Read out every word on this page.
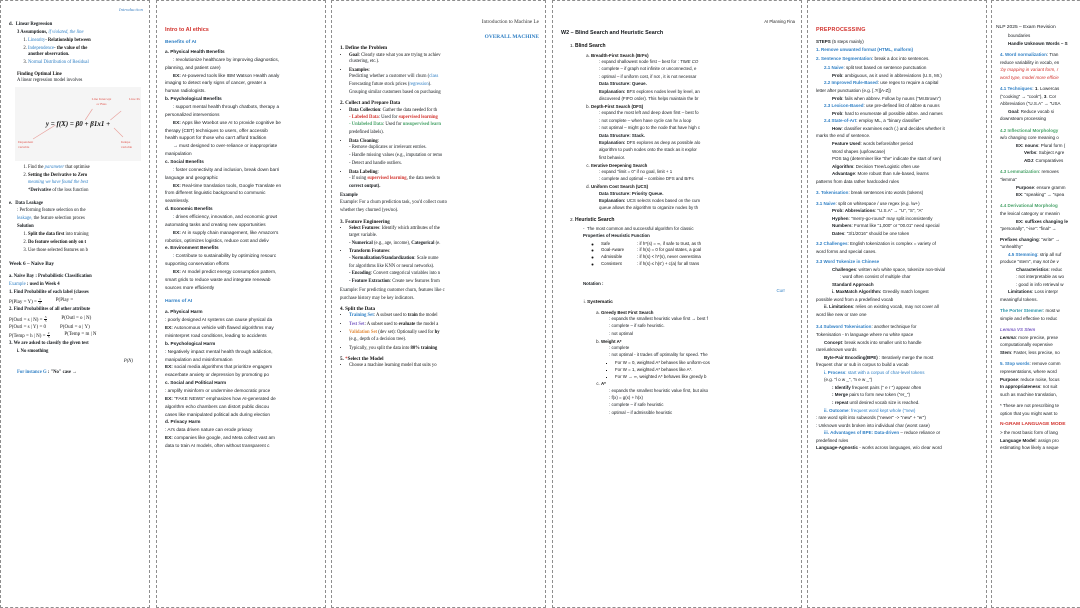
Introduction
d. Linear Regression
3 Assumptions, if violated, the line
1. Linearity- Relationship between
2. Independence- the value of the
another observation.
3. Normal Distribution of Residual
Finding Optimal Line
A linear regression model involves
y = f(X) = β0 + β1x1 +
Line Intercept
or Bias
Line Pa
Dependent
variable
Indepe
variable
1. Find the parameter that optimise
2. Setting the Derivative to Zero
meaning we have found the best
*Derivative of the loss function
e. Data Leakage
: Performing feature selection on the
leakage, the feature selection proces
Solution
1. Split the data first into training
2. Do feature selection only on t
3. Use those selected features on b
Week 6 – Naive Bay
a. Naive Bay : Probabilistic Classification
Example : used in Week 4
1. Find Probabilite of each label (classes
P(Play = $Y) = \frac{1}{2}$	P(Play =
2. Find Probabilites of all other attribute
P(Outl = s | $N) = \frac{3}{5}$	P(Outl = o | N)
P(Outl = s | Y) = 0	P(Outl = o | Y)
P(Temp = h | $N) = \frac{2}{5}$	P(Temp = m | N
3. We are asked to classify the given test
i. No smoothing
P(N)
For instance G : "No" case →
Intro to AI ethics
Benefits of AI
a. Physical Health Benefits
: revolutionize healthcare by improving diagnostics,
planning, and patient care)
EX: AI-powered tools like IBM Watson Health analy
imaging to detect early signs of cancer, greater a
human radiologists.
b. Psychological Benefits
: support mental health through chatbots, therapy a
personalized interventions
EX: Apps like Woebot use AI to provide cognitive be
therapy (CBT) techniques to users, offer accessib
health support for those who can't afford tradition
→ must designed to over-reliance or inappropriate
manipulation
c. Social Benefits
: foster connectivity and inclusion, break down barri
language and geographic
EX: Real-time translation tools, Google Translate en
from different linguistic background to communic
seamlessly.
d. Economic Benefits
: drives efficiency, innovation, and economic growt
automating tasks and creating new opportunities
EX: AI in supply chain management, like Amazon's
robotics, optimizes logistics, reduce cost and deliv
e. Environment Benefits
: Contribute to sustainability by optimizing resourc
supporting conservation efforts
EX: AI model predict energy consumption pattern,
smart grids to reduce waste and integrate renewab
sources more efficiently
Harms of AI
a. Physical Harm
: poorly designed AI systems can cause physical da
EX: Autonomous vehicle with flawed algorithms may
misinterpret road conditions, leading to accidents
b. Psychological Harm
: Negatively impact mental health through addiction,
manipulation and misinformation
EX: social media algorithms that prioritize engagem
exacerbate anxiety or depression by promoting po
c. Social and Political Harm
: amplify misinform or undermine democratic proce
EX: "FAKE NEWS" emphasizes how AI-generated de
algorithm echo chambers can distort public discou
cases like manipulated political ads during election
d. Privacy Harm
: AI's data driven nature can erode privacy
EX: companies like google, and Meta collect vast am
data to train AI models, often without transparent c
Introduction to Machine Le
OVERALL MACHINE
1. Define the Problem
• Goal: Clearly state what you are trying to achiev
clustering, etc.).
• Examples:
Predicting whether a customer will churn (class
Forecasting future stock prices (regression).
Grouping similar customers based on purchasing
2. Collect and Prepare Data
• Data Collection: Gather the data needed for th
- Labeled Data: Used for supervised learning
- Unlabeled Data: Used for unsupervised learn
predefined labels).
• Data Cleaning:
- Remove duplicates or irrelevant entries.
- Handle missing values (e.g., imputation or remo
- Detect and handle outliers.
• Data Labeling:
- If using supervised learning, the data needs to
correct output).
Example
Example: For a churn prediction task, you'd collect custo
whether they churned (yes/no).
3. Feature Engineering
• Select Features: Identify which attributes of the
target variable.
- Numerical (e.g., age, income), Categorical (e.
• Transform Features:
- Normalization/Standardization: Scale nume
for algorithms like KNN or neural networks).
- Encoding: Convert categorical variables into n
- Feature Extraction: Create new features from
Example: For predicting customer churn, features like c
purchase history may be key indicators.
4. Split the Data
• Training Set: A subset used to train the model
• Test Set: A subset used to evaluate the model a
• Validation Set (dev set): Optionally used for hy
(e.g., depth of a decision tree).
• Typically, you split the data into 80% training
5. *Select the Model
• Choose a machine learning model that suits yo
AI Planning Fina
W2 – Blind Search and Heuristic Search
1. Blind Search
a. Breadth-First Search (BrFs)
: expand shallowest node first – best for : TIME CO
: complete – if graph not infinite or unconnected, e
: optimal – if uniform cost, if not , it is not necessar
Data Structure: Queue.
Explanation: BFS explores nodes level by level, an
discovered (FIFO order). This helps maintain the br
b. Depth-First Search (DFS)
: expand the most left and deep down first – best fo
: not complete – when have cycle can hv a loop
: not optimal – might go to the node that have high c
Data Structure: Stack.
Explanation: DFS explores as deep as possible alo
algorithm to push nodes onto the stack as it explor
first behavior.
c. Iterative Deepening Search
: expand "limit = 0" if no goal, limit + 1
: complete and optimal – combine DFS and BrFs
d. Uniform Cost Search (UCS)
Data Structure: Priority Queue.
Explanation: UCS selects nodes based on the cum
queue allows the algorithm to organize nodes by th
2. Heuristic Search
-  The most common and successful algorithm for classic
Properties of Heuristic Function
◦ Safe	: if h*(s) = ∞, if safe to trust, as th
◦ Goal-Aware	: if h(s) = 0 for goal states, a goal
◦ Admissible	: if h(s) < h*(s), never overestima
◦ Consistent	: if h(s) ≤ h(s') + c(a) for all trans
Notation :
Curr
i. Systematic
a. Greedy Best First Search
: expands the smallest heuristic value first → best f
: complete – if safe heuristic.
: not optimal
b. Weight A*
: complete
: not optimal - it trades off optimality for speed. The
▪ For W = 0, weighted A* behaves like uniform-cos
▪ For W = 1, weighted A* behaves like A*.
▪ For W → ∞, weighted A* behaves like greedy b
c. A*
: expands the smallest heuristic value first, but also
: f(x) = g(x) + h(x)
: complete – if safe heuristic
: optimal – if admissible heuristic
PREPROCESSING
STEPS (5 steps mainly)
1. Remove unwanted format (HTML, malform)
2. Sentence Segmentation: break a doc into sentences.
2.1 Naive: split text based on sentence punctuation
Prob: ambiguous, as it used in abbreviations (U.S, Mr.)
2.2 Improved Rule-Based: use regex to require a capital
letter after punctuation (e.g. [.?!][A-Z])
Prob: fails when abbrev. Follow by nouns ("Mr.Brown")
2.3 Lexicon-Based: use pre-defined list of abbre & nouns
Prob: hard to enumerate all possible abbre. and names
2.4 State-of-Art: employ ML, a "binary classifier"
How: classifier examines each (.) and decides whether it
marks the end of sentence.
Feature Used: words before/after period
Word shapes (up/lowcase)
POS tag (determiner like "the" indicate the start of sen)
Algorithm: Decision Tree/Logistic often use
Advantage: More robust than rule-based, learns
patterns from data rather hardcoded rules
3. Tokenisation: break sentences into words (tokens)
3.1 Naive: split on whitespace / use regex (e.g. \w+)
Prob: Abbreviations: "U.S.A" → "U", "S", "A"
Hyphen: "merry-go-round" may split inconsistently
Numbers: Format like "1,000" or "00.01" need special
Dates: "3/1/2016" should be one token
3.2 Challenges: English tokenization is complex = variety of
word forms and special cases.
3.3 Word Tokenize in Chinese
Challenges: written w/o white space, tokenize non-trivial
: word often consist of multiple char
Standard Approach
i. MaxMatch Algorithm: Greedily match longest
possible word from a predefined vocab
ii. Limitations: relies on existing vocab, may not cover all
word like new or rare one
3.4 Subword Tokenisation: another technique for
Tokenisation - In language where no white space
Concept: break words into smaller unit to handle
rare/unknown words
Byte-Pair Encoding(BPE) : Iteratively merge the most
frequent char or sub in corpus to build a vocab
i. Process: start with a corpus of char-level tokens
(e.g. "l o w _", "n e w _")
: Identify frequent pairs (" e r ") appear often
: Merge pairs to form new token ("er_")
: repeat until desired vocab size is reached.
ii. Outcome: frequent word kept whole ("new)
: rare word split into subwords ("newer" -> "new" + "er")
: Unknown words broken into individual char (worst case)
iii. Advantages of BPE: Data-driven – reduce reliance or
predefined rules
Language-Agnostic - works across languages, w/o clear word
NLP 2025 – Exam Revision
boundaries
Handle Unknown Words – S
4. Word normalization: Tran
reduce variability in vocab, en
:by mapping in variant form, r
word type, model more efficie
4.1 Techniques: 1. Lowercas
("cooking" → "cook"), 3. Cor
Abbreviation ("U.S.A" → "USA
Goal: Reduce vocab si
downsteam processing
4.2 Inflectional Morphology
w/o changing core meaning o
EX: nouns: Plural form (
Verbs: Subject Agre
ADJ: Comparatives
4.3 Lemmatization: removes
"lemma"
Purpose: ensure gramm
EX: "speaking" → "spea
4.4 Derivational Morpholog
the lexical category or meanin
EX: suffixes changing le
"personally", "-ise": "final" →
Prefixes changing: "write" →
"unhealthy"
4.5 Stemming: strip all suf
produce "stem", may not be v
Characteristics: reduc
: not interpretable as wo
: good in info retrieval w
Limitations: Loss interpr
meaningful tokens.
The Porter Stemmer: most w
simple and effective to reduc
Lemma VS Stem
Lemma: more precise, prese
computationally expensive
Stem: Faster, less precise, no
5. Stop words: remove comm
representations, where word
Purpose: reduce noise, focus
In appropriateness: not suit
such as machine translation,
* These are not prescribing te
option that you might want to
N-GRAM LANGUAGE MODE
> the most basic form of lang
Language Model: assign pro
estimating how likely a seque
